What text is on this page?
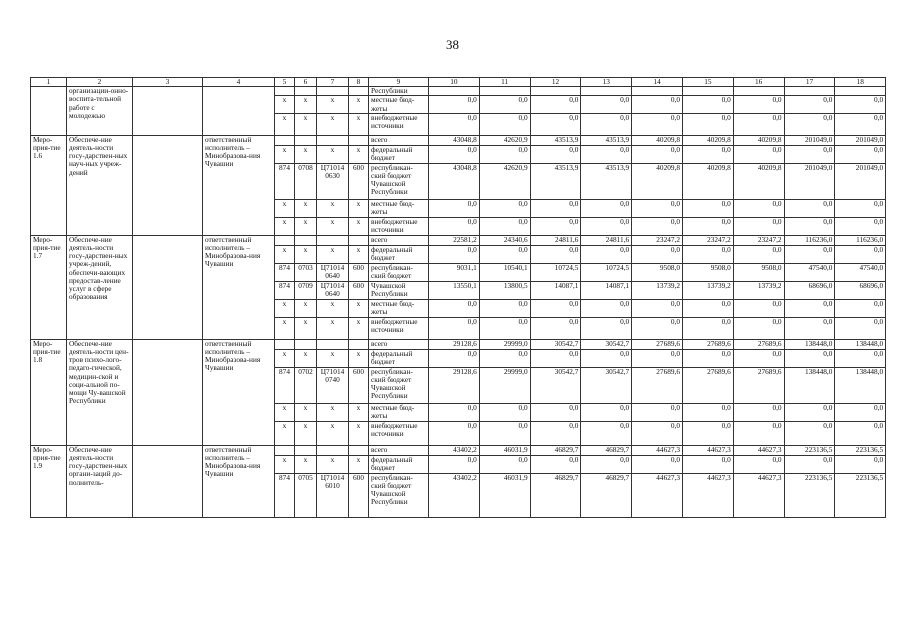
38
1	2	3	4	5	6	7	8	9	10	11	12	13	14	15	16	17	18
	организации-онно-воспита-тельной работе с молодежью							Республики									
				x	x	x	x	местные бюд-жеты	0,0	0,0	0,0	0,0	0,0	0,0	0,0	0,0	0,0
				x	x	x	x	внебюджетные источники	0,0	0,0	0,0	0,0	0,0	0,0	0,0	0,0	0,0
Меро-прия-тие 1.6	Обеспече-ние деятель-ности госу-дарствен-ных науч-ных учреж-дений		ответственный исполнитель – Минобразова-ния Чувашии					всего	43048,8	42620,9	43513,9	43513,9	40209,8	40209,8	40209,8	201049,0	201049,0
				x	x	x	x	федеральный бюджет	0,0	0,0	0,0	0,0	0,0	0,0	0,0	0,0	0,0
				874	0708	Ц710140630	600	республикан-ский бюджет Чувашской Республики	43048,8	42620,9	43513,9	43513,9	40209,8	40209,8	40209,8	201049,0	201049,0
				x	x	x	x	местные бюд-жеты	0,0	0,0	0,0	0,0	0,0	0,0	0,0	0,0	0,0
				x	x	x	x	внебюджетные источники	0,0	0,0	0,0	0,0	0,0	0,0	0,0	0,0	0,0
Меро-прия-тие 1.7	Обеспече-ние деятель-ности госу-дарствен-ных учреж-дений, обеспечи-вающих предостав-ление услуг в сфере образования		ответственный исполнитель – Минобразова-ния Чувашии					всего	22581,2	24340,6	24811,6	24811,6	23247,2	23247,2	23247,2	116236,0	116236,0
				x	x	x	x	федеральный бюджет	0,0	0,0	0,0	0,0	0,0	0,0	0,0	0,0	0,0
				874	0703	Ц710140640	600	республикан-ский бюджет	9031,1	10540,1	10724,5	10724,5	9508,0	9508,0	9508,0	47540,0	47540,0
				874	0709	Ц710140640	600	Чувашской Республики	13550,1	13800,5	14087,1	14087,1	13739,2	13739,2	13739,2	68696,0	68696,0
				x	x	x	x	местные бюд-жеты	0,0	0,0	0,0	0,0	0,0	0,0	0,0	0,0	0,0
				x	x	x	x	внебюджетные источники	0,0	0,0	0,0	0,0	0,0	0,0	0,0	0,0	0,0
Меро-прия-тие 1.8	Обеспече-ние деятель-ности цен-тров психо-лого-педаго-гической, медицин-ской и соци-альной по-мощи Чу-вашской Республики		ответственный исполнитель – Минобразова-ния Чувашии					всего	29128,6	29999,0	30542,7	30542,7	27689,6	27689,6	27689,6	138448,0	138448,0
				x	x	x	x	федеральный бюджет	0,0	0,0	0,0	0,0	0,0	0,0	0,0	0,0	0,0
				874	0702	Ц710140740	600	республикан-ский бюджет Чувашской Республики	29128,6	29999,0	30542,7	30542,7	27689,6	27689,6	27689,6	138448,0	138448,0
				x	x	x	x	местные бюд-жеты	0,0	0,0	0,0	0,0	0,0	0,0	0,0	0,0	0,0
				x	x	x	x	внебюджетные источники	0,0	0,0	0,0	0,0	0,0	0,0	0,0	0,0	0,0
Меро-прия-тие 1.9	Обеспече-ние деятель-ности госу-дарствен-ных органи-заций до-полнитель-		ответственный исполнитель – Минобразова-ния Чувашии					всего	43402,2	46031,9	46829,7	46829,7	44627,3	44627,3	44627,3	223136,5	223136,5
				x	x	x	x	федеральный бюджет	0,0	0,0	0,0	0,0	0,0	0,0	0,0	0,0	0,0
				874	0705	Ц710146010	600	республикан-ский бюджет Чувашской Республики	43402,2	46031,9	46829,7	46829,7	44627,3	44627,3	44627,3	223136,5	223136,5
